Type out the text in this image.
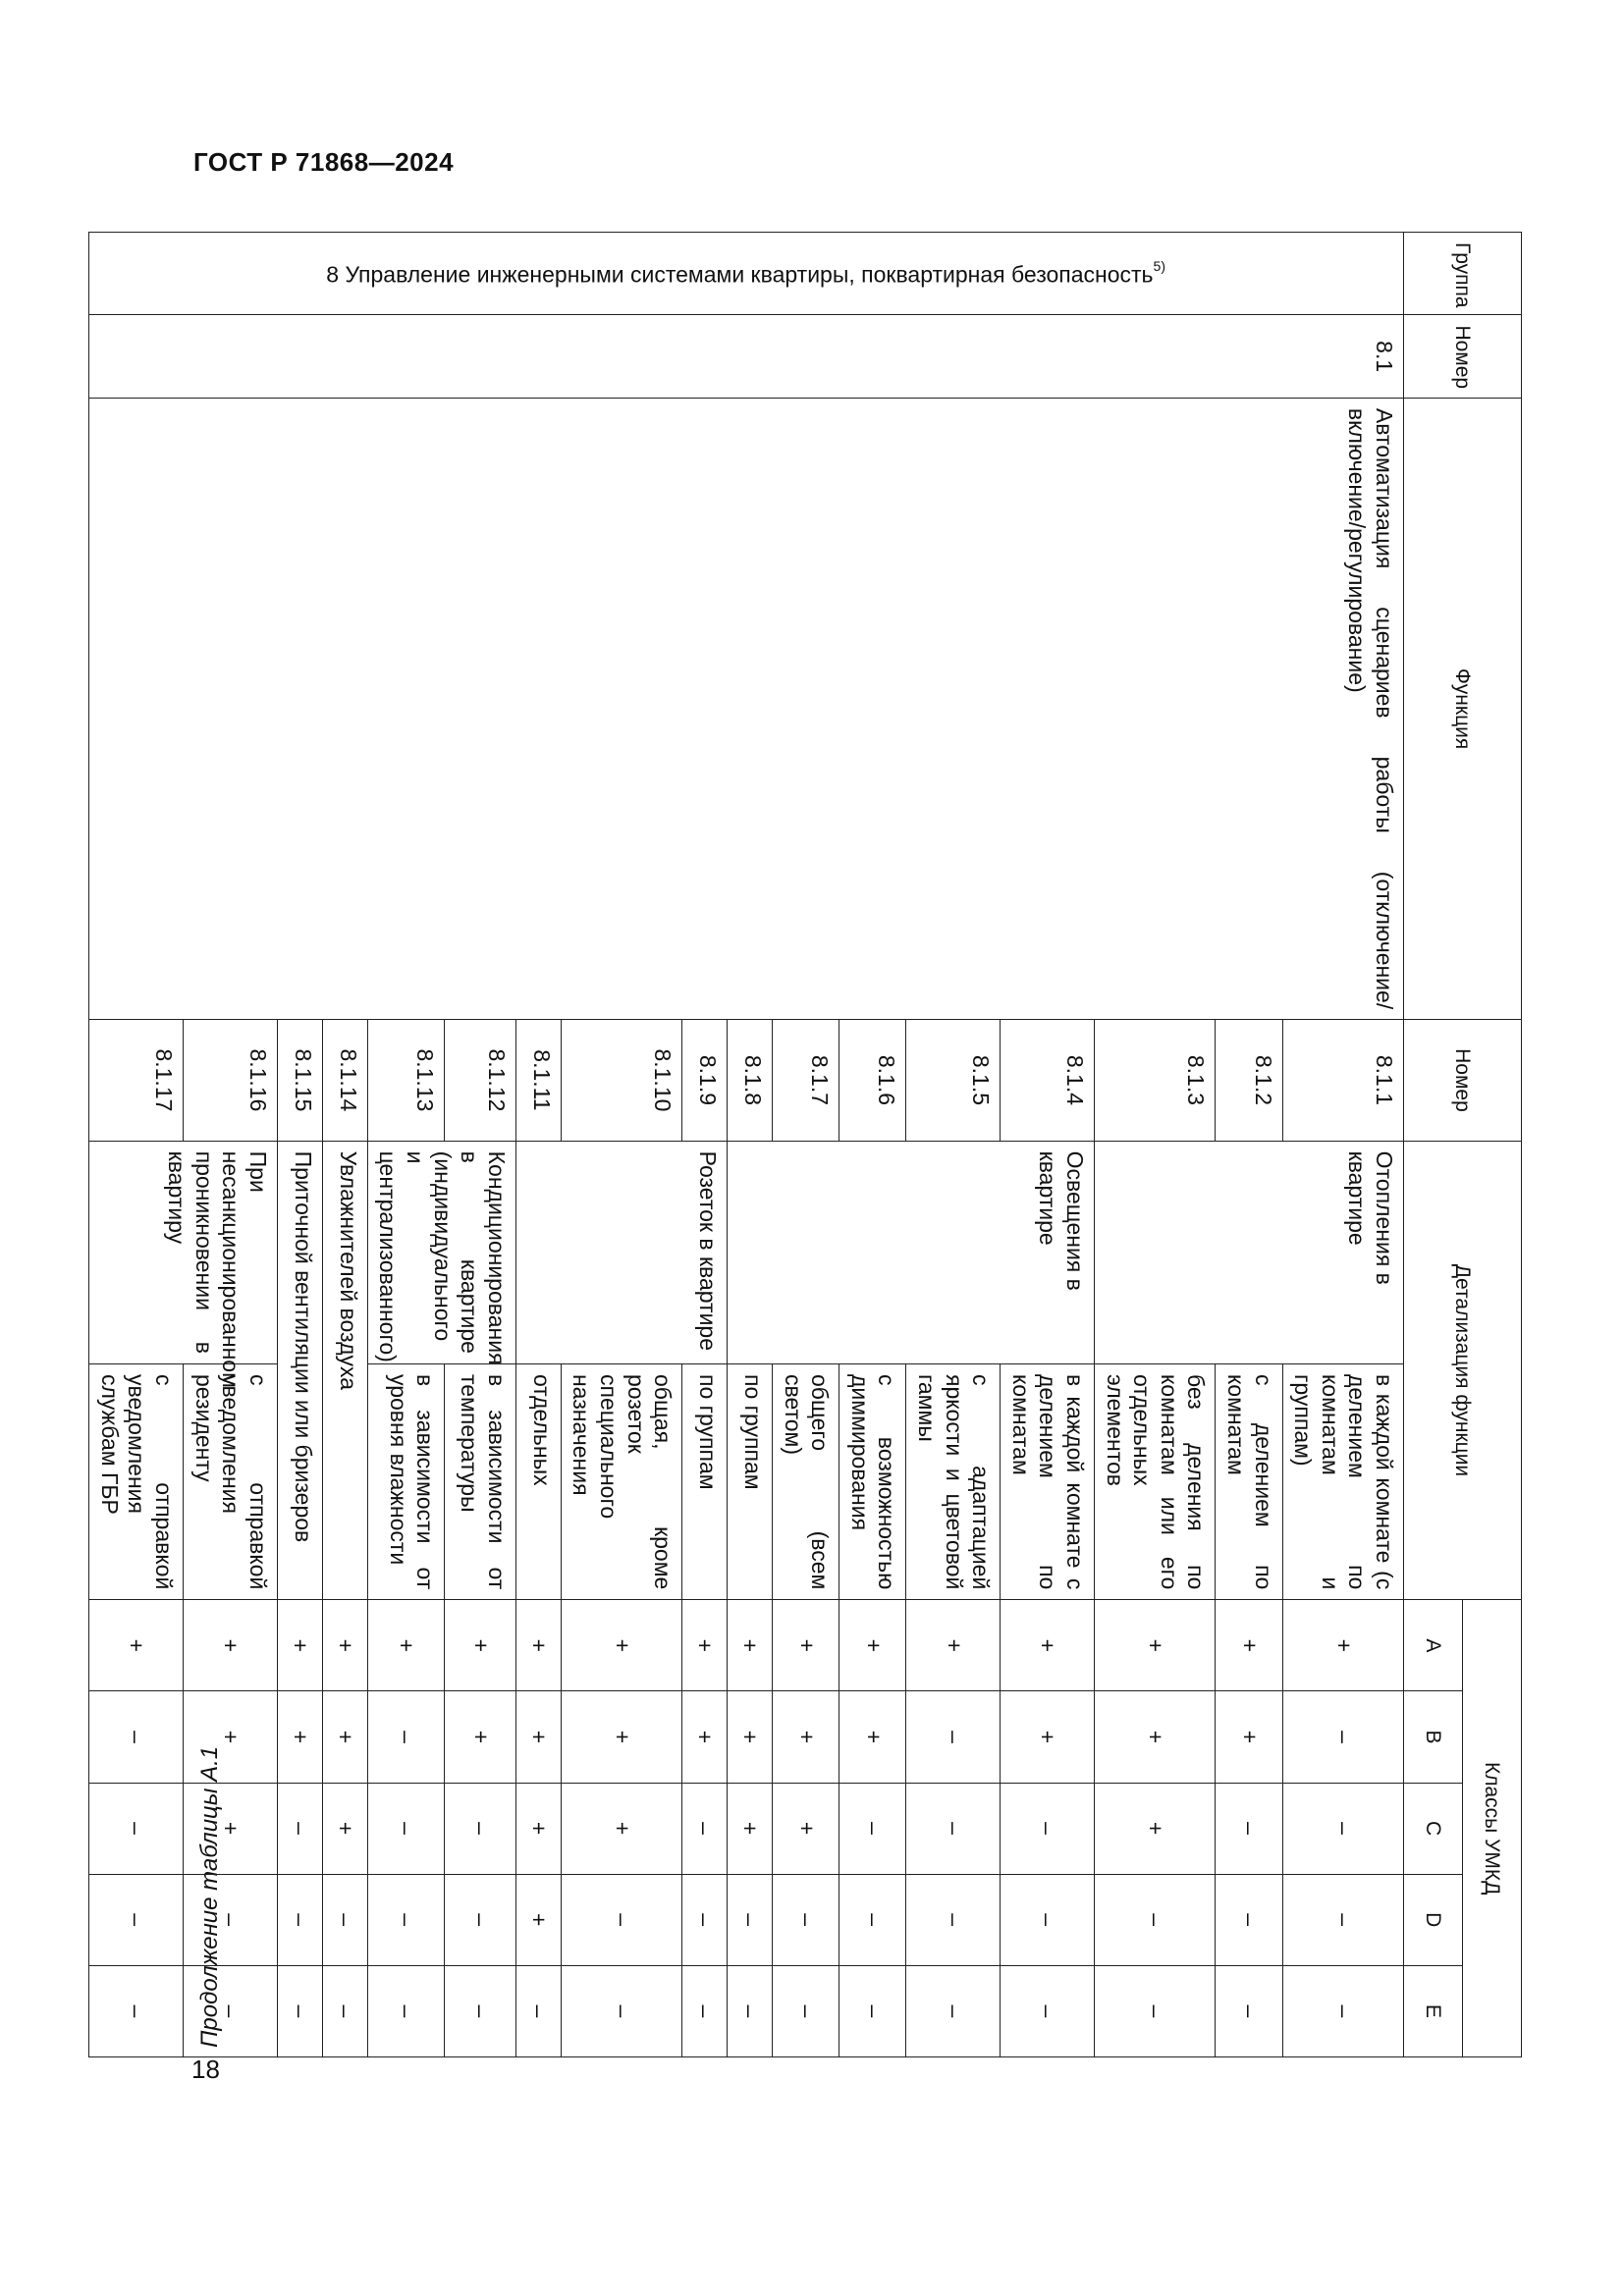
ГОСТ Р 71868—2024
18
Продолжение таблицы А.1
Группа	Номер	Функция	Номер	Детализация функции		Классы УМКД				
						A	B	C	D	E

8 Управление инженерными системами квартиры, поквартирная безопасность$^{5)}$	8.1	Автоматизация сценариев работы (отключение/включение/регулирование)	8.1.1	Отопления в квартире	в каждой комнате (с делением по комнатам и группам)	+	–	–	–	–
			8.1.2		с делением по комнатам	+	+	–	–	–
			8.1.3		без деления по комнатам или его отдельных элементов	+	+	+	–	–
			8.1.4	Освещения в квартире	в каждой комнате с делением по комнатам	+	+	–	–	–
			8.1.5		с адаптацией яркости и цветовой гаммы	+	–	–	–	–
			8.1.6		с возможностью диммирования	+	+	–	–	–
			8.1.7		общего (всем светом)	+	+	+	–	–
			8.1.8		по группам	+	+	+	–	–
			8.1.9	Розеток в квартире	по группам	+	+	–	–	–
			8.1.10		общая, кроме розеток специального назначения	+	+	+	–	–
			8.1.11		отдельных	+	+	+	+	–
			8.1.12	Кондиционирования в квартире (индивидуального и централизованного)	в зависимости от температуры	+	+	–	–	–
			8.1.13		в зависимости от уровня влажности	+	–	–	–	–
			8.1.14	Увлажнителей воздуха		+	+	+	–	–
			8.1.15	Приточной вентиляции или бризеров		+	+	–	–	–
			8.1.16	При несанкционированном проникновении в квартиру	с отправкой уведомления резиденту	+	+	+	–	–
			8.1.17		с отправкой уведомления службам ГБР	+	–	–	–	–
